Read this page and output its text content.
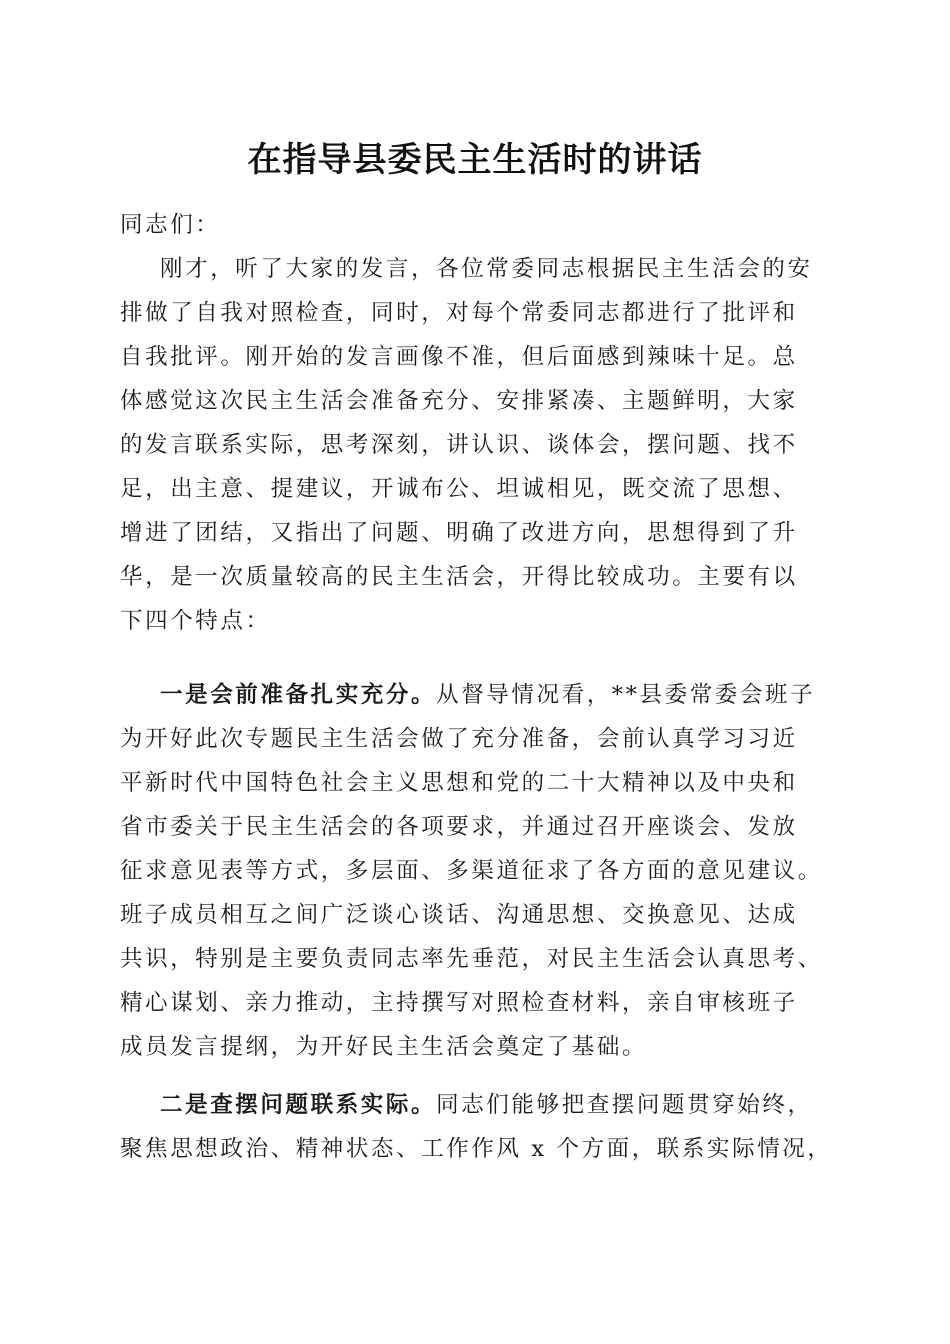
在指导县委民主生活时的讲话
同志们：
刚才，听了大家的发言，各位常委同志根据民主生活会的安
排做了自我对照检查，同时，对每个常委同志都进行了批评和
自我批评。刚开始的发言画像不准，但后面感到辣味十足。总
体感觉这次民主生活会准备充分、安排紧凑、主题鲜明，大家
的发言联系实际，思考深刻，讲认识、谈体会，摆问题、找不
足，出主意、提建议，开诚布公、坦诚相见，既交流了思想、
增进了团结，又指出了问题、明确了改进方向，思想得到了升
华，是一次质量较高的民主生活会，开得比较成功。主要有以
下四个特点：
一是会前准备扎实充分。从督导情况看，**县委常委会班子
为开好此次专题民主生活会做了充分准备，会前认真学习习近
平新时代中国特色社会主义思想和党的二十大精神以及中央和
省市委关于民主生活会的各项要求，并通过召开座谈会、发放
征求意见表等方式，多层面、多渠道征求了各方面的意见建议。
班子成员相互之间广泛谈心谈话、沟通思想、交换意见、达成
共识，特别是主要负责同志率先垂范，对民主生活会认真思考、
精心谋划、亲力推动，主持撰写对照检查材料，亲自审核班子
成员发言提纲，为开好民主生活会奠定了基础。
二是查摆问题联系实际。同志们能够把查摆问题贯穿始终，
聚焦思想政治、精神状态、工作作风 x 个方面，联系实际情况，
